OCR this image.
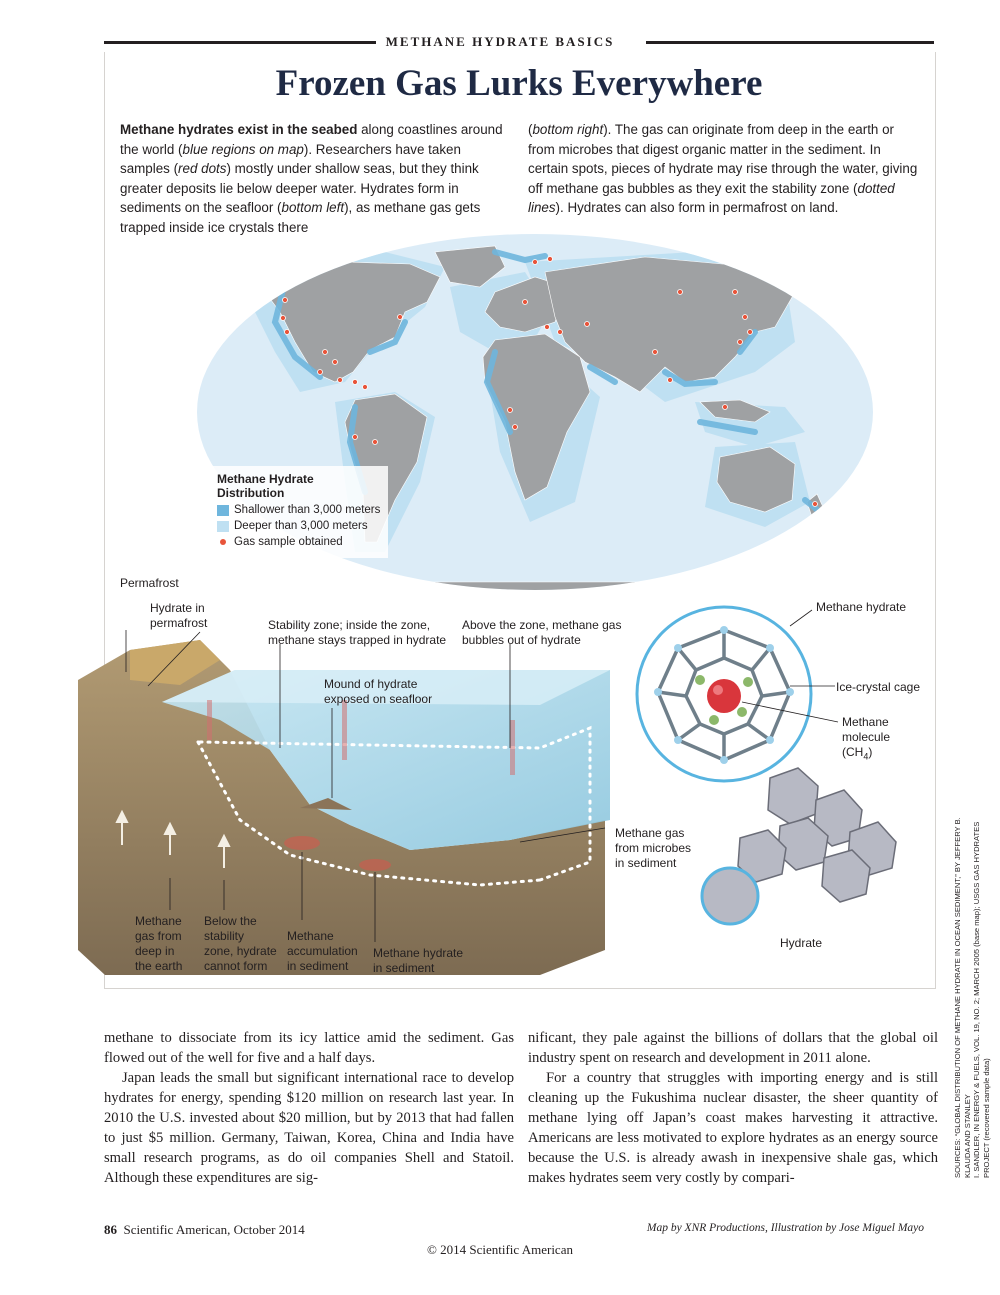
METHANE HYDRATE BASICS
Frozen Gas Lurks Everywhere
Methane hydrates exist in the seabed along coastlines around the world (blue regions on map). Researchers have taken samples (red dots) mostly under shallow seas, but they think greater deposits lie below deeper water. Hydrates form in sediments on the seafloor (bottom left), as methane gas gets trapped inside ice crystals there
(bottom right). The gas can originate from deep in the earth or from microbes that digest organic matter in the sediment. In certain spots, pieces of hydrate may rise through the water, giving off methane gas bubbles as they exit the stability zone (dotted lines). Hydrates can also form in permafrost on land.
Methane Hydrate
Distribution
Shallower than 3,000 meters
Deeper than 3,000 meters
Gas sample obtained
Permafrost
Hydrate in
permafrost	Stability zone; inside the zone,
methane stays trapped in hydrate
Above the zone, methane gas
bubbles out of hydrate
Mound of hydrate
exposed on seafloor
Methane gas
from microbes
in sediment
Methane
gas from
deep in
the earth
Below the
stability
zone, hydrate
cannot form
Methane
accumulation
in sediment
Methane hydrate
in sediment
Methane hydrate
Ice-crystal cage
Methane
molecule
$(CH_4)$
Hydrate	SOURCES: “GLOBAL DISTRIBUTION OF METHANE HYDRATE IN OCEAN SEDIMENT,” BY JEFFERY B. KLAUDA AND STANLEY I. SANDLER, IN ENERGY & FUELS, VOL. 19, NO. 2; MARCH 2005 (base map); USGS GAS HYDRATES PROJECT (recovered sample data)

methane to dissociate from its icy lattice amid the sediment. Gas flowed out of the well for five and a half days.

Japan leads the small but significant international race to develop hydrates for energy, spending $120 million on research last year. In 2010 the U.S. invested about $20 million, but by 2013 that had fallen to just $5 million. Germany, Taiwan, Korea, China and India have small research programs, as do oil companies Shell and Statoil. Although these expenditures are sig-

nificant, they pale against the billions of dollars that the global oil industry spent on research and development in 2011 alone.

For a country that struggles with importing energy and is still cleaning up the Fukushima nuclear disaster, the sheer quantity of methane lying off Japan’s coast makes harvesting it attractive. Americans are less motivated to explore hydrates as an energy source because the U.S. is already awash in inexpensive shale gas, which makes hydrates seem very costly by compari-

86 Scientific American, October 2014	Map by XNR Productions, Illustration by Jose Miguel Mayo
© 2014 Scientific American
